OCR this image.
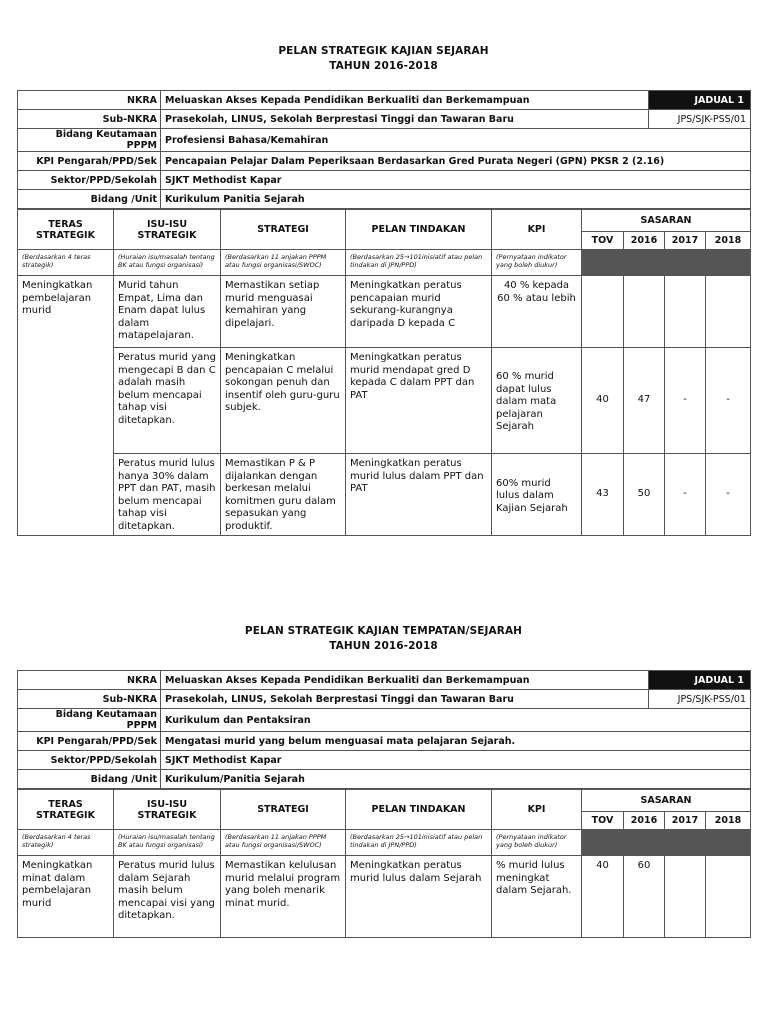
PELAN STRATEGIK KAJIAN SEJARAH
TAHUN 2016-2018
NKRA	Meluaskan Akses Kepada Pendidikan Berkualiti dan Berkemampuan	JADUAL 1
Sub-NKRA	Prasekolah, LINUS, Sekolah Berprestasi Tinggi dan Tawaran Baru	JPS/SJK-PSS/01
Bidang Keutamaan PPPM	Profesiensi Bahasa/Kemahiran	
KPI Pengarah/PPD/Sek	Pencapaian Pelajar Dalam Peperiksaan Berdasarkan Gred Purata Negeri (GPN) PKSR 2 (2.16)	
Sektor/PPD/Sekolah	SJKT Methodist Kapar	
Bidang /Unit	Kurikulum Panitia Sejarah	
TERAS STRATEGIK	ISU-ISU STRATEGIK	STRATEGI	PELAN TINDAKAN	KPI	SASARAN			
					TOV	2016	2017	2018
(Berdasarkan 4 teras strategik)	(Huraian isu/masalah tentang BK atau fungsi organisasi)	(Berdasarkan 11 anjakan PPPM atau fungsi organisasi/SWOC)	(Berdasarkan 25→101inisiatif atau pelan tindakan di JPN/PPD)	(Pernyataan indikator yang boleh diukur)				
Meningkatkan pembelajaran murid	Murid tahun Empat, Lima dan Enam dapat lulus dalam matapelajaran.	Memastikan setiap murid menguasai kemahiran yang dipelajari.	Meningkatkan peratus pencapaian murid sekurang-kurangnya daripada D kepada C	40 % kepada 60 % atau lebih				
	Peratus murid yang mengecapi B dan C adalah masih belum mencapai tahap visi ditetapkan.	Meningkatkan pencapaian C melalui sokongan penuh dan insentif oleh guru-guru subjek.	Meningkatkan peratus murid mendapat gred D kepada C dalam PPT dan PAT	60 % murid dapat lulus dalam mata pelajaran Sejarah	40	47	-	-
	Peratus murid lulus hanya 30% dalam PPT dan PAT, masih belum mencapai tahap visi ditetapkan.	Memastikan P & P dijalankan dengan berkesan melalui komitmen guru dalam sepasukan yang produktif.	Meningkatkan peratus murid lulus dalam PPT dan PAT	60% murid lulus dalam Kajian Sejarah	43	50	-	-
PELAN STRATEGIK KAJIAN TEMPATAN/SEJARAH
TAHUN 2016-2018
NKRA	Meluaskan Akses Kepada Pendidikan Berkualiti dan Berkemampuan	JADUAL 1
Sub-NKRA	Prasekolah, LINUS, Sekolah Berprestasi Tinggi dan Tawaran Baru	JPS/SJK-PSS/01
Bidang Keutamaan PPPM	Kurikulum dan Pentaksiran	
KPI Pengarah/PPD/Sek	Mengatasi murid yang belum menguasai mata pelajaran Sejarah.	
Sektor/PPD/Sekolah	SJKT Methodist Kapar	
Bidang /Unit	Kurikulum/Panitia Sejarah	
TERAS STRATEGIK	ISU-ISU STRATEGIK	STRATEGI	PELAN TINDAKAN	KPI	SASARAN			
					TOV	2016	2017	2018
(Berdasarkan 4 teras strategik)	(Huraian isu/masalah tentang BK atau fungsi organisasi)	(Berdasarkan 11 anjakan PPPM atau fungsi organisasi/SWOC)	(Berdasarkan 25→101inisiatif atau pelan tindakan di JPN/PPD)	(Pernyataan indikator yang boleh diukur)				
Meningkatkan minat dalam pembelajaran murid	Peratus murid lulus dalam Sejarah masih belum mencapai visi yang ditetapkan.	Memastikan kelulusan murid melalui program yang boleh menarik minat murid.	Meningkatkan peratus murid lulus dalam Sejarah	% murid lulus meningkat dalam Sejarah.	40	60		
